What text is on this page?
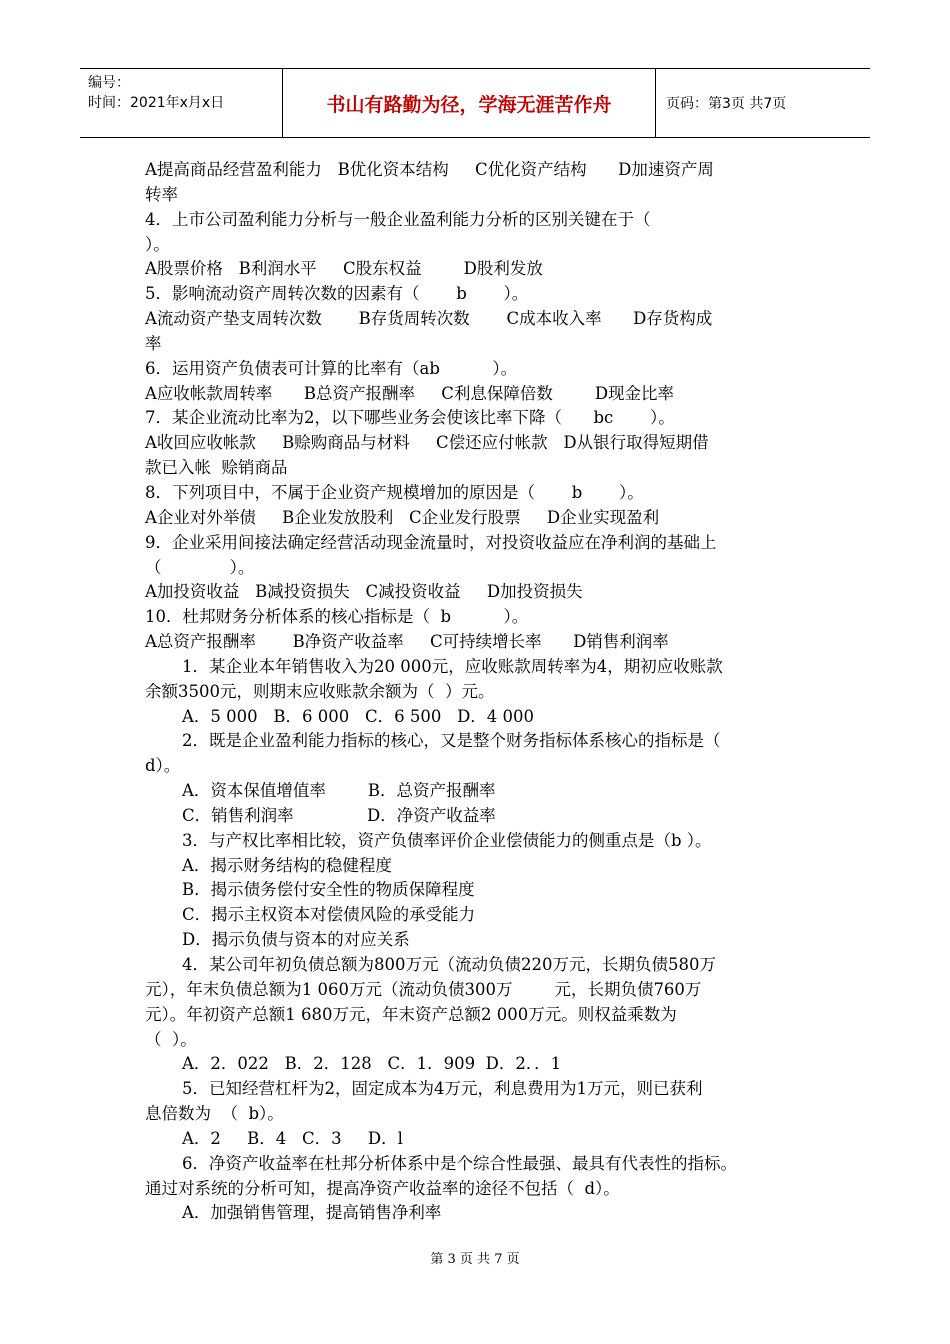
编号：
时间：2021年x月x日	书山有路勤为径，学海无涯苦作舟	页码：第3页 共7页
A提高商品经营盈利能力   B优化资本结构     C优化资产结构      D加速资产周
转率
4．上市公司盈利能力分析与一般企业盈利能力分析的区别关键在于（
）。
A股票价格   B利润水平     C股东权益        D股利发放
5．影响流动资产周转次数的因素有（       b       ）。
A流动资产垫支周转次数       B存货周转次数       C成本收入率      D存货构成
率
6．运用资产负债表可计算的比率有（ab          ）。
A应收帐款周转率      B总资产报酬率     C利息保障倍数        D现金比率
7．某企业流动比率为2，以下哪些业务会使该比率下降（      bc       ）。
A收回应收帐款     B赊购商品与材料     C偿还应付帐款   D从银行取得短期借
款已入帐  赊销商品
8．下列项目中，不属于企业资产规模增加的原因是（       b       ）。
A企业对外举债     B企业发放股利   C企业发行股票     D企业实现盈利
9．企业采用间接法确定经营活动现金流量时，对投资收益应在净利润的基础上
（             ）。
A加投资收益   B减投资损失   C减投资收益     D加投资损失
10．杜邦财务分析体系的核心指标是（  b          ）。
A总资产报酬率       B净资产收益率     C可持续增长率      D销售利润率
1．某企业本年销售收入为20 000元，应收账款周转率为4，期初应收账款
余额3500元，则期末应收账款余额为（  ）元。
A．5 000   B．6 000   C．6 500   D．4 000
2．既是企业盈利能力指标的核心，又是整个财务指标体系核心的指标是（
d）。
A．资本保值增值率        B．总资产报酬率
C．销售利润率              D．净资产收益率
3．与产权比率相比较，资产负债率评价企业偿债能力的侧重点是（b ）。
A．揭示财务结构的稳健程度
B．揭示债务偿付安全性的物质保障程度
C．揭示主权资本对偿债风险的承受能力
D．揭示负债与资本的对应关系
4．某公司年初负债总额为800万元（流动负债220万元，长期负债580万
元），年末负债总额为1 060万元（流动负债300万        元，长期负债760万
元）。年初资产总额1 680万元，年末资产总额2 000万元。则权益乘数为
（  ）。
A．2．022   B．2．128   C．1．909  D．2．．1
5．已知经营杠杆为2，固定成本为4万元，利息费用为1万元，则已获利
息倍数为  （  b）。
A．2     B．4   C．3     D．l
6．净资产收益率在杜邦分析体系中是个综合性最强、最具有代表性的指标。
通过对系统的分析可知，提高净资产收益率的途径不包括（  d）。
A．加强销售管理，提高销售净利率
第 3 页 共 7 页
